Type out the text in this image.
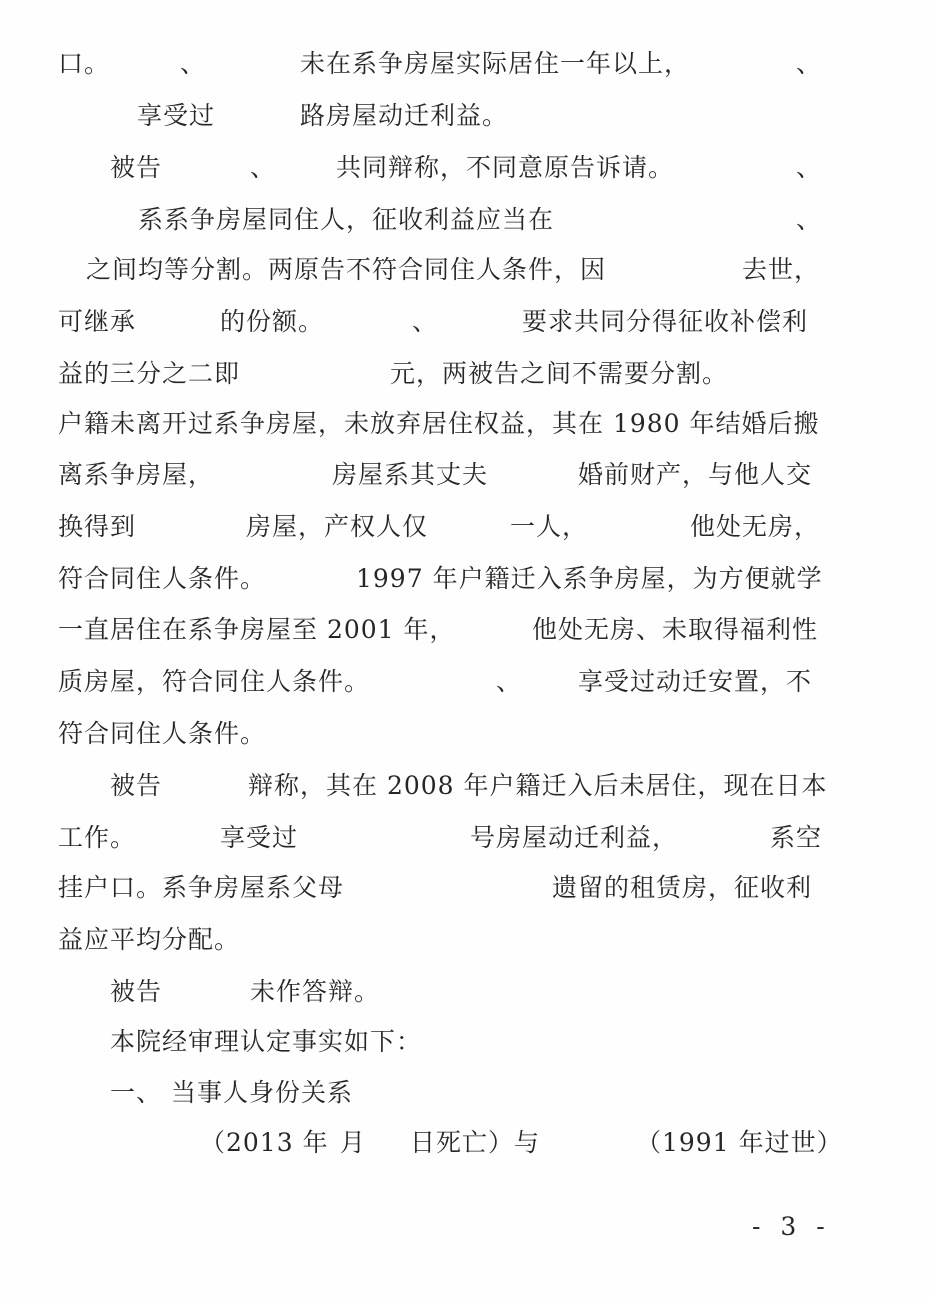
口。	、	未在系争房屋实际居住一年以上，	、
享受过	路房屋动迁利益。
被告	、 共同辩称，不同意原告诉请。	、
系系争房屋同住人，征收利益应当在	、
之间均等分割。两原告不符合同住人条件，因	去世，
可继承	的份额。	、	要求共同分得征收补偿利
益的三分之二即	元，两被告之间不需要分割。
户籍未离开过系争房屋，未放弃居住权益，其在 1980 年结婚后搬
离系争房屋，	房屋系其丈夫	婚前财产，与他人交
换得到	房屋，产权人仅	一人，	他处无房，
符合同住人条件。	1997 年户籍迁入系争房屋，为方便就学
一直居住在系争房屋至 2001 年，	他处无房、未取得福利性
质房屋，符合同住人条件。	、 享受过动迁安置，不
符合同住人条件。
被告	辩称，其在 2008 年户籍迁入后未居住，现在日本
工作。	享受过	号房屋动迁利益，	系空
挂户口。系争房屋系父母	遗留的租赁房，征收利
益应平均分配。
被告	未作答辩。
本院经审理认定事实如下：
一、 当事人身份关系
（2013 年 月 日死亡）与	（1991 年过世）
- 3 -
